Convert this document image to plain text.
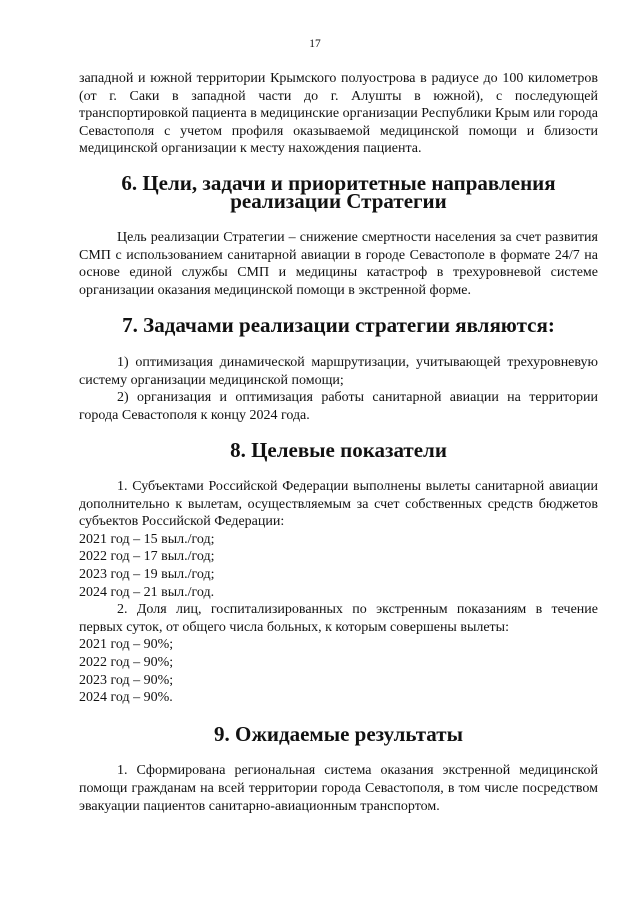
17

западной и южной территории Крымского полуострова в радиусе до 100 километров (от г. Саки в западной части до г. Алушты в южной), с последующей транспортировкой пациента в медицинские организации Республики Крым или города Севастополя с учетом профиля оказываемой медицинской помощи и близости медицинской организации к месту нахождения пациента.

6. Цели, задачи и приоритетные направления реализации Стратегии

Цель реализации Стратегии – снижение смертности населения за счет развития СМП с использованием санитарной авиации в городе Севастополе в формате 24/7 на основе единой службы СМП и медицины катастроф в трехуровневой системе организации оказания медицинской помощи в экстренной форме.

7. Задачами реализации стратегии являются:

1) оптимизация динамической маршрутизации, учитывающей трехуровневую систему организации медицинской помощи;

2) организация и оптимизация работы санитарной авиации на территории города Севастополя к концу 2024 года.

8. Целевые показатели

1. Субъектами Российской Федерации выполнены вылеты санитарной авиации дополнительно к вылетам, осуществляемым за счет собственных средств бюджетов субъектов Российской Федерации:

2021 год – 15 выл./год;
2022 год – 17 выл./год;
2023 год – 19 выл./год;
2024 год – 21 выл./год.

2. Доля лиц, госпитализированных по экстренным показаниям в течение первых суток, от общего числа больных, к которым совершены вылеты:

2021 год – 90%;
2022 год – 90%;
2023 год – 90%;
2024 год – 90%.
9. Ожидаемые результаты

1. Сформирована региональная система оказания экстренной медицинской помощи гражданам на всей территории города Севастополя, в том числе посредством эвакуации пациентов санитарно-авиационным транспортом.
